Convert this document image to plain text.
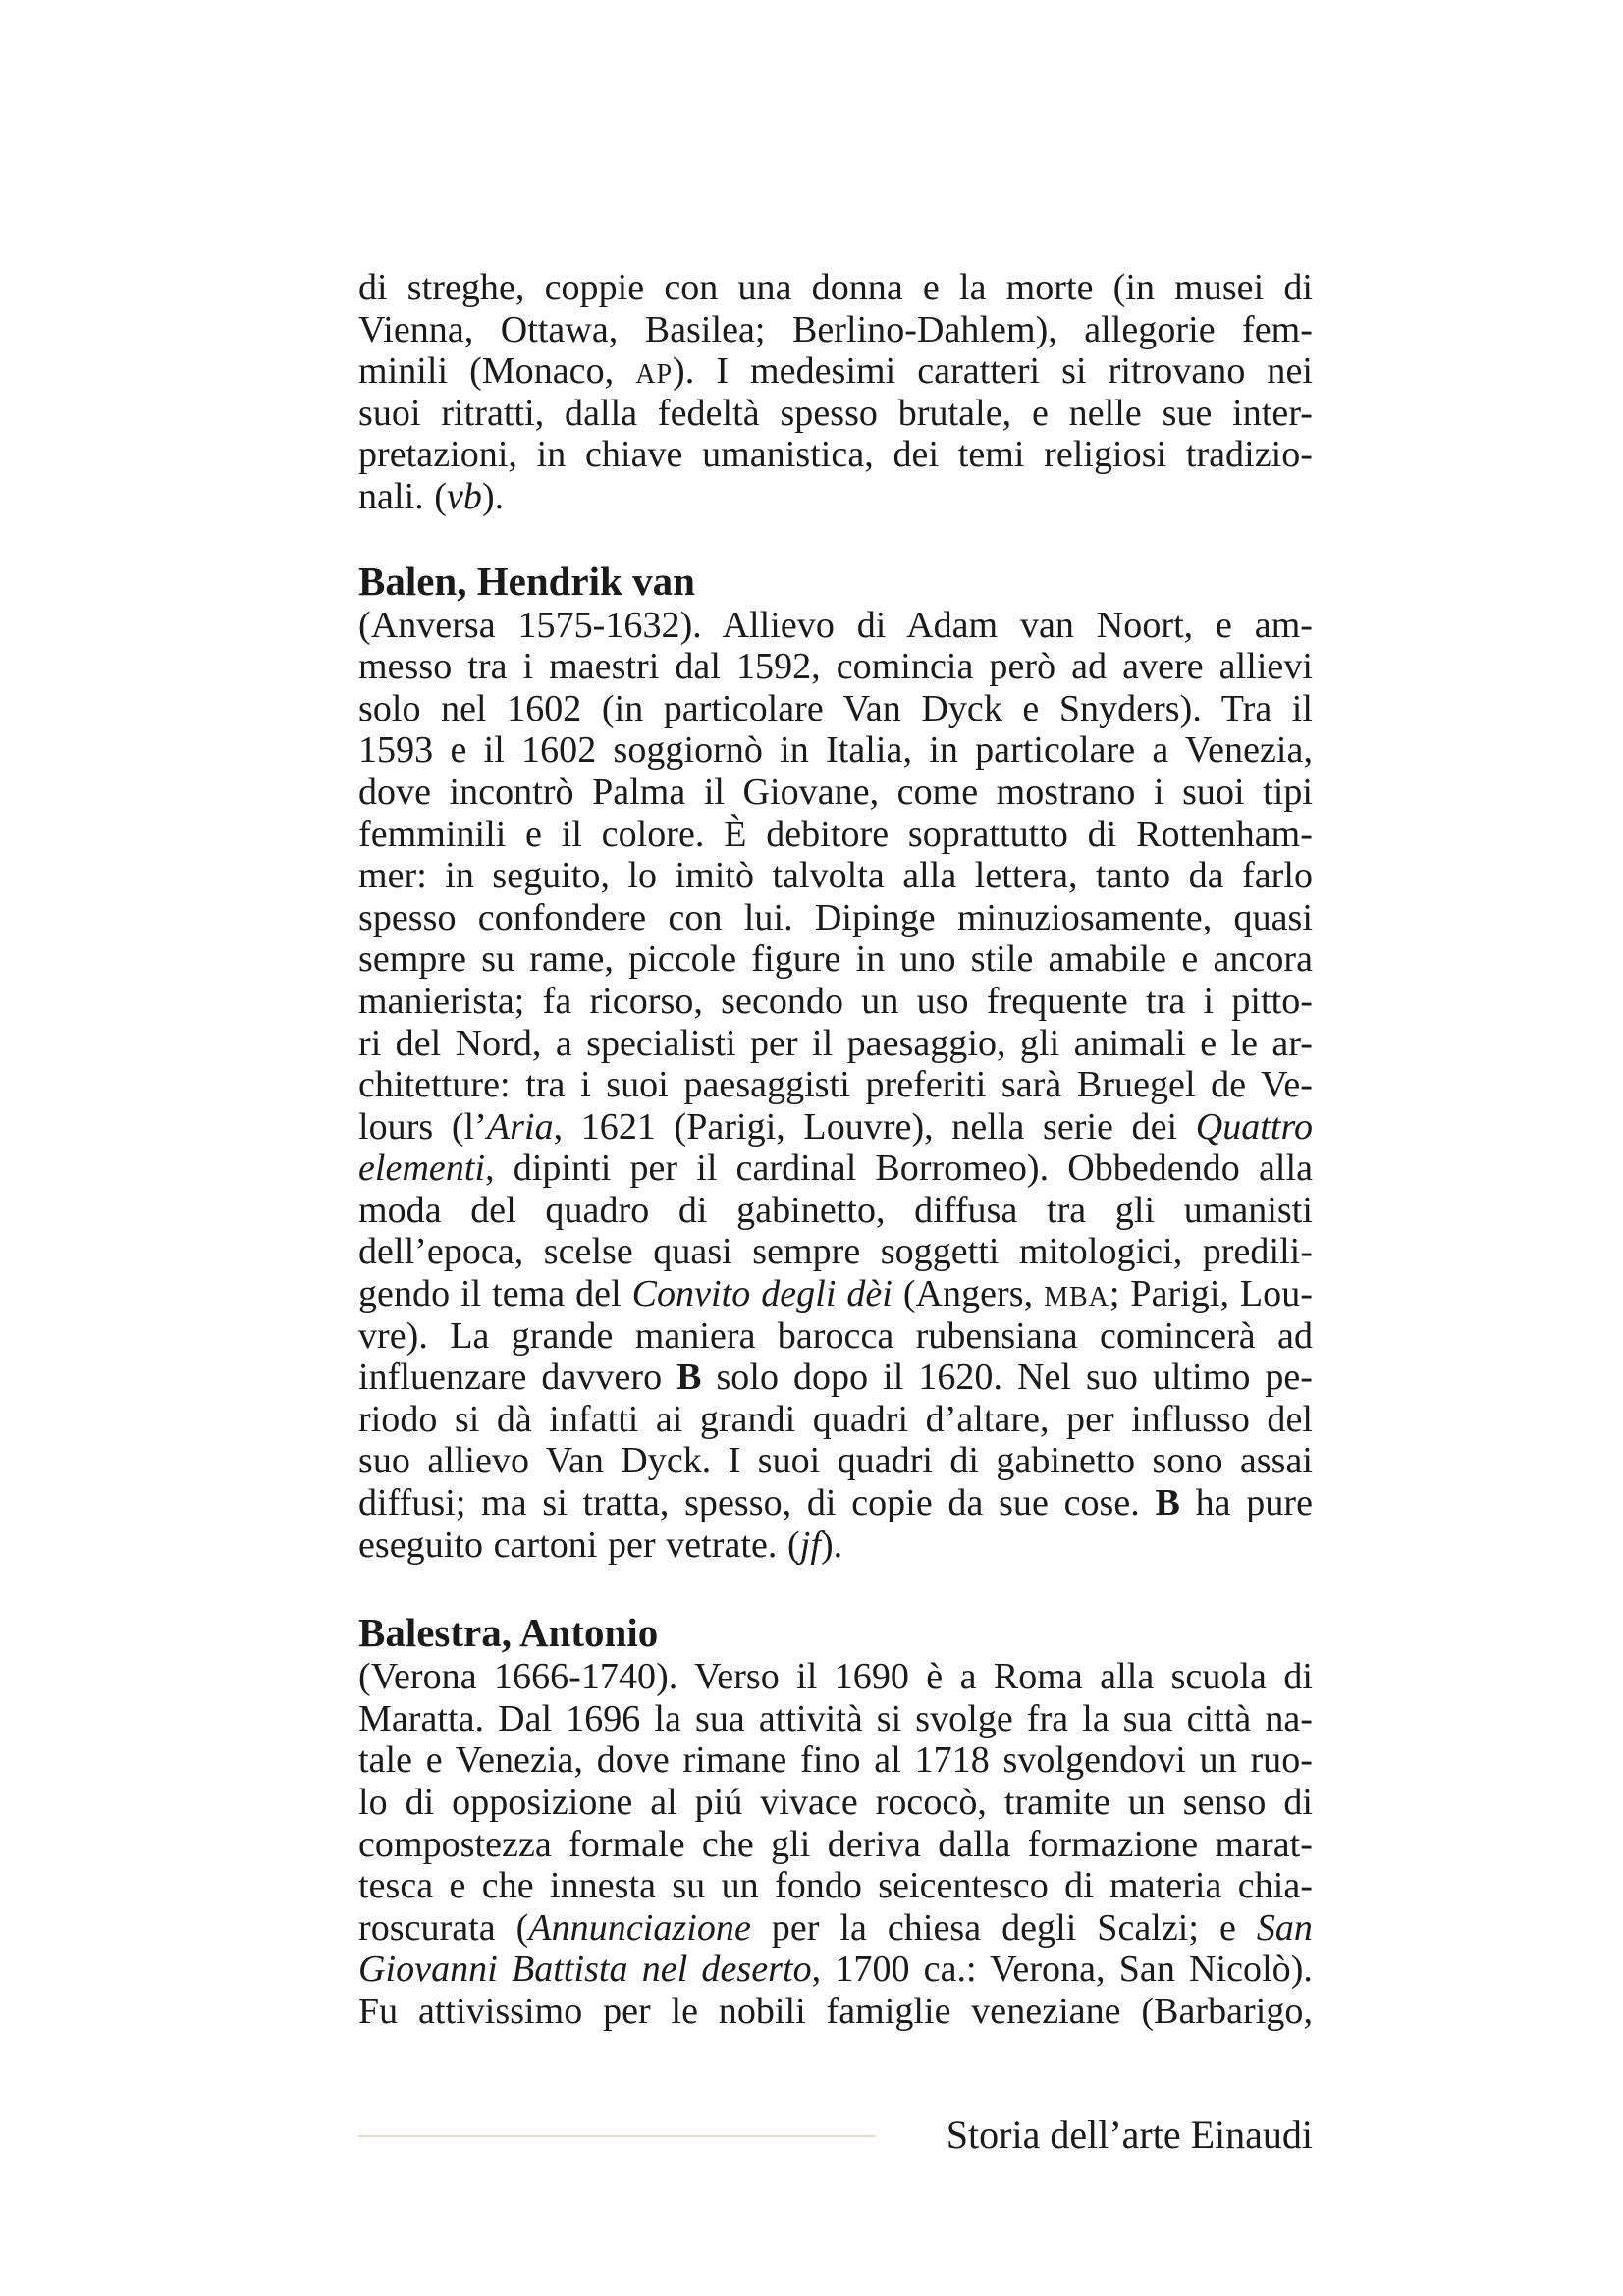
di streghe, coppie con una donna e la morte (in musei di
Vienna, Ottawa, Basilea; Berlino-Dahlem), allegorie fem-
minili (Monaco, AP). I medesimi caratteri si ritrovano nei
suoi ritratti, dalla fedeltà spesso brutale, e nelle sue inter-
pretazioni, in chiave umanistica, dei temi religiosi tradizio-
nali. (vb).
Balen, Hendrik van
(Anversa 1575-1632). Allievo di Adam van Noort, e am-
messo tra i maestri dal 1592, comincia però ad avere allievi
solo nel 1602 (in particolare Van Dyck e Snyders). Tra il
1593 e il 1602 soggiornò in Italia, in particolare a Venezia,
dove incontrò Palma il Giovane, come mostrano i suoi tipi
femminili e il colore. È debitore soprattutto di Rottenham-
mer: in seguito, lo imitò talvolta alla lettera, tanto da farlo
spesso confondere con lui. Dipinge minuziosamente, quasi
sempre su rame, piccole figure in uno stile amabile e ancora
manierista; fa ricorso, secondo un uso frequente tra i pitto-
ri del Nord, a specialisti per il paesaggio, gli animali e le ar-
chitetture: tra i suoi paesaggisti preferiti sarà Bruegel de Ve-
lours (l’Aria, 1621 (Parigi, Louvre), nella serie dei Quattro
elementi, dipinti per il cardinal Borromeo). Obbedendo alla
moda del quadro di gabinetto, diffusa tra gli umanisti
dell’epoca, scelse quasi sempre soggetti mitologici, predili-
gendo il tema del Convito degli dèi (Angers, MBA; Parigi, Lou-
vre). La grande maniera barocca rubensiana comincerà ad
influenzare davvero B solo dopo il 1620. Nel suo ultimo pe-
riodo si dà infatti ai grandi quadri d’altare, per influsso del
suo allievo Van Dyck. I suoi quadri di gabinetto sono assai
diffusi; ma si tratta, spesso, di copie da sue cose. B ha pure
eseguito cartoni per vetrate. (jf).
Balestra, Antonio
(Verona 1666-1740). Verso il 1690 è a Roma alla scuola di
Maratta. Dal 1696 la sua attività si svolge fra la sua città na-
tale e Venezia, dove rimane fino al 1718 svolgendovi un ruo-
lo di opposizione al piú vivace rococò, tramite un senso di
compostezza formale che gli deriva dalla formazione marat-
tesca e che innesta su un fondo seicentesco di materia chia-
roscurata (Annunciazione per la chiesa degli Scalzi; e San
Giovanni Battista nel deserto, 1700 ca.: Verona, San Nicolò).
Fu attivissimo per le nobili famiglie veneziane (Barbarigo,
Storia dell’arte Einaudi
